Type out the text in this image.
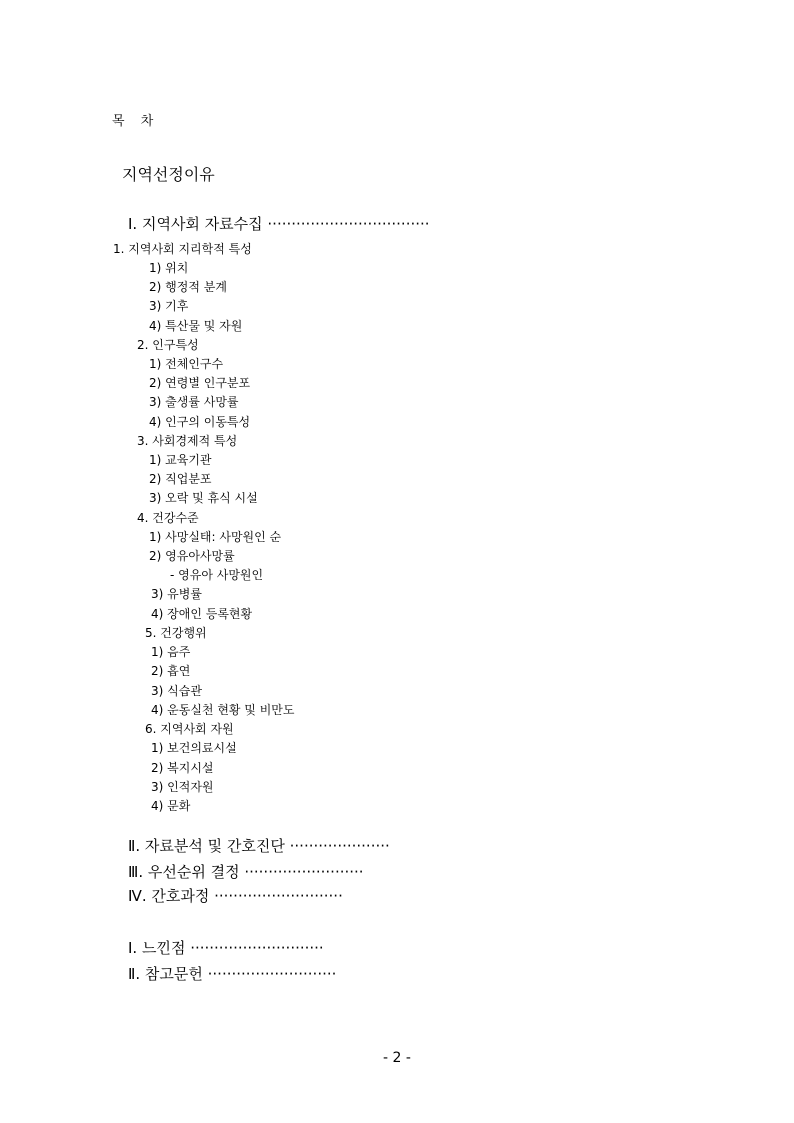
목 차
지역선정이유
Ⅰ. 지역사회 자료수집 ··································
1. 지역사회 지리학적 특성
1) 위치
2) 행정적 분계
3) 기후
4) 특산물 및 자원
2. 인구특성
1) 전체인구수
2) 연령별 인구분포
3) 출생률 사망률
4) 인구의 이동특성
3. 사회경제적 특성
1) 교육기관
2) 직업분포
3) 오락 및 휴식 시설
4. 건강수준
1) 사망실태: 사망원인 순
2) 영유아사망률
- 영유아 사망원인
3) 유병률
4) 장애인 등록현황
5. 건강행위
1) 음주
2) 흡연
3) 식습관
4) 운동실천 현황 및 비만도
6. 지역사회 자원
1) 보건의료시설
2) 복지시설
3) 인적자원
4) 문화
Ⅱ. 자료분석 및 간호진단 ·····················
Ⅲ. 우선순위 결정 ·························
Ⅳ. 간호과정 ···························
Ⅰ. 느낀점 ····························
Ⅱ. 참고문헌 ···························
- 2 -
